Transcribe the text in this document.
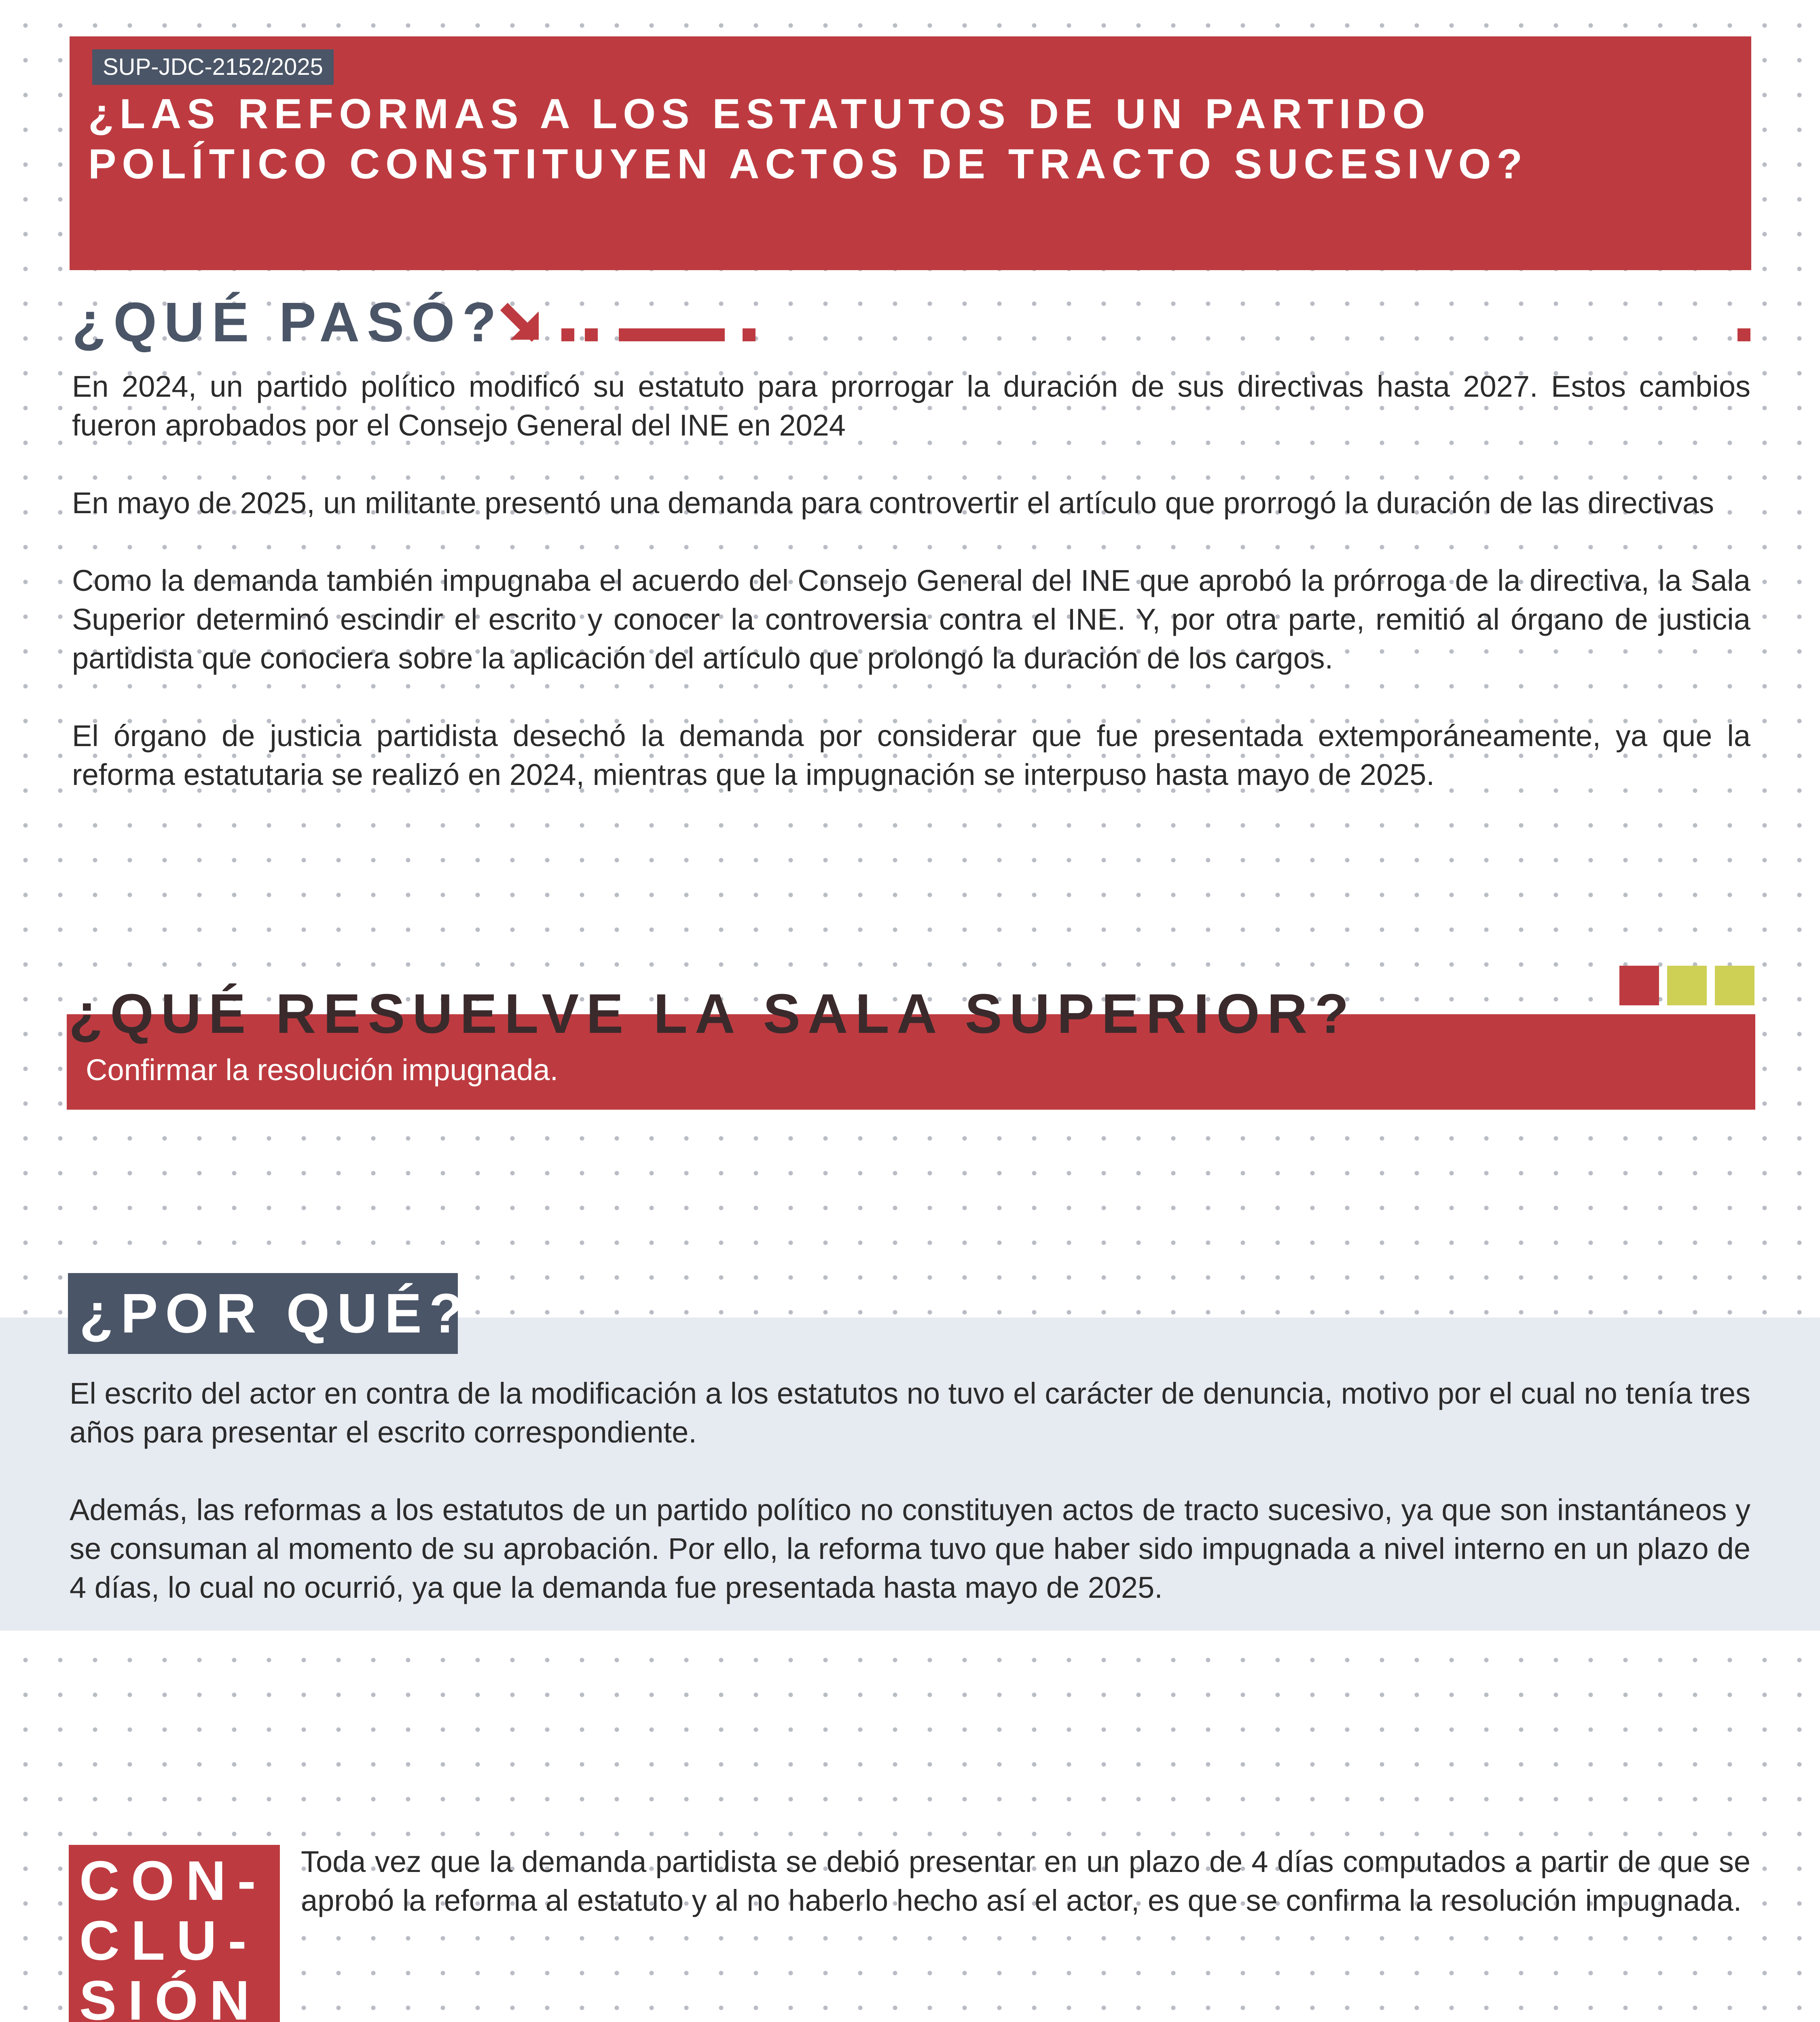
SUP-JDC-2152/2025
¿LAS REFORMAS A LOS ESTATUTOS DE UN PARTIDO
POLÍTICO CONSTITUYEN ACTOS DE TRACTO SUCESIVO?
¿QUÉ PASÓ?

En 2024, un partido político modificó su estatuto para prorrogar la duración de sus directivas hasta 2027. Estos cambios fueron aprobados por el Consejo General del INE en 2024

En mayo de 2025, un militante presentó una demanda para controvertir el artículo que prorrogó la duración de las directivas

Como la demanda también impugnaba el acuerdo del Consejo General del INE que aprobó la prórroga de la directiva, la Sala Superior determinó escindir el escrito y conocer la controversia contra el INE. Y, por otra parte, remitió al órgano de justicia partidista que conociera sobre la aplicación del artículo que prolongó la duración de los cargos.

El órgano de justicia partidista desechó la demanda por considerar que fue presentada extemporáneamente, ya que la reforma estatutaria se realizó en 2024, mientras que la impugnación se interpuso hasta mayo de 2025.

¿QUÉ RESUELVE LA SALA SUPERIOR?

Confirmar la resolución impugnada.

¿POR QUÉ?

El escrito del actor en contra de la modificación a los estatutos no tuvo el carácter de denuncia, motivo por el cual no tenía tres años para presentar el escrito correspondiente.

Además, las reformas a los estatutos de un partido político no constituyen actos de tracto sucesivo, ya que son instantáneos y se consuman al momento de su aprobación. Por ello, la reforma tuvo que haber sido impugnada a nivel interno en un plazo de 4 días, lo cual no ocurrió, ya que la demanda fue presentada hasta mayo de 2025.

CON-

CLU-

SIÓN

Toda vez que la demanda partidista se debió presentar en un plazo de 4 días computados a partir de que se aprobó la reforma al estatuto y al no haberlo hecho así el actor, es que se confirma la resolución impugnada.
